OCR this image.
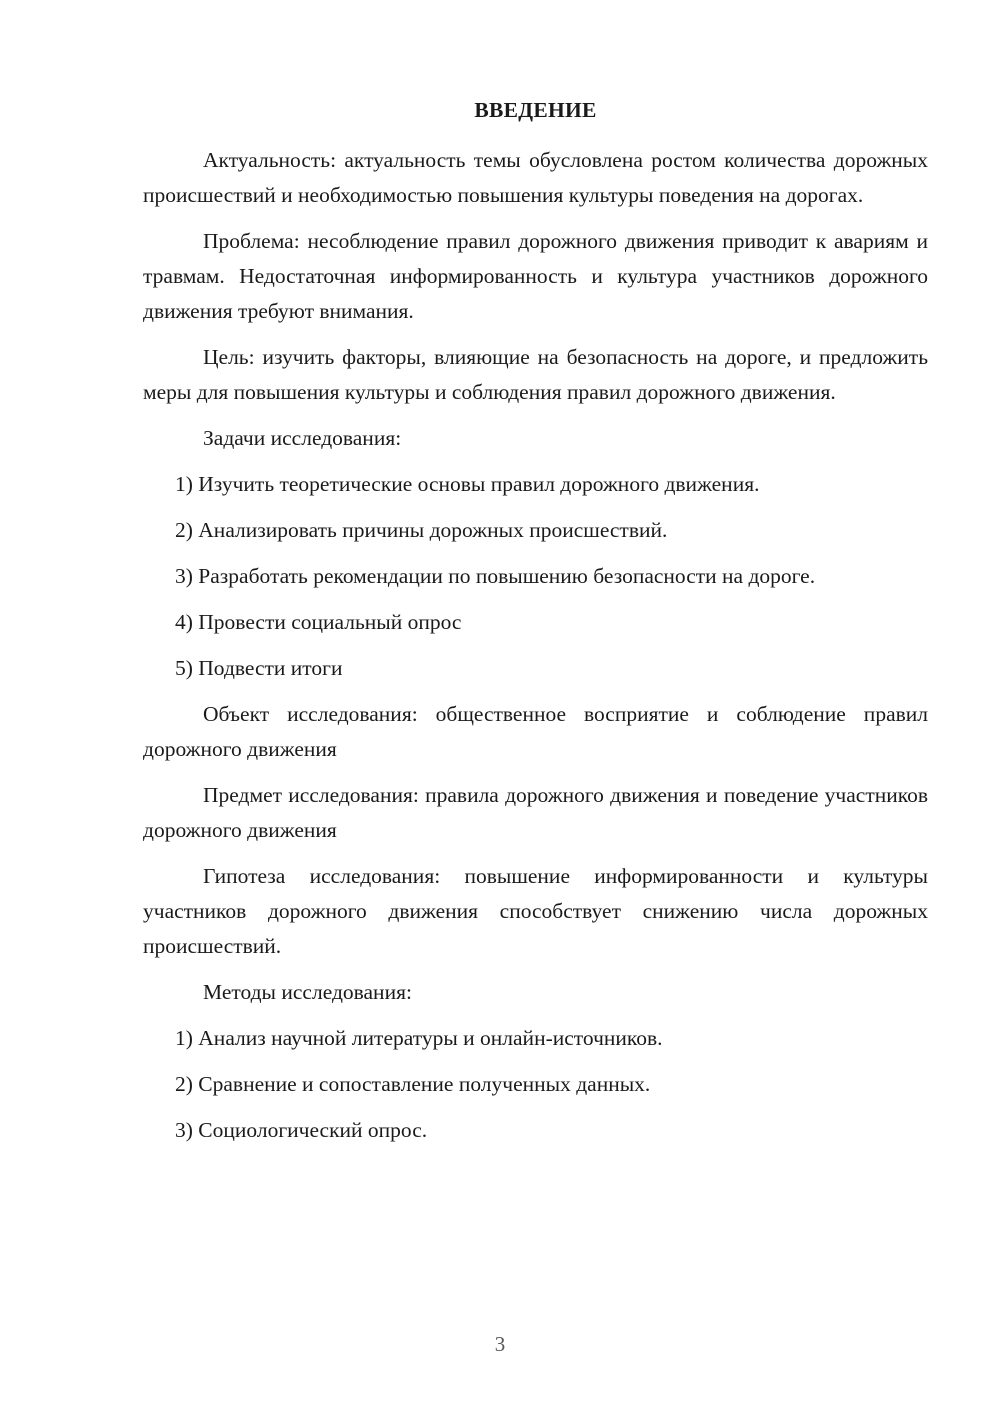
ВВЕДЕНИЕ

Актуальность: актуальность темы обусловлена ростом количества дорожных происшествий и необходимостью повышения культуры поведения на дорогах.

Проблема: несоблюдение правил дорожного движения приводит к авариям и травмам. Недостаточная информированность и культура участников дорожного движения требуют внимания.

Цель: изучить факторы, влияющие на безопасность на дороге, и предложить меры для повышения культуры и соблюдения правил дорожного движения.

Задачи исследования:

1) Изучить теоретические основы правил дорожного движения.

2) Анализировать причины дорожных происшествий.

3) Разработать рекомендации по повышению безопасности на дороге.

4) Провести социальный опрос

5) Подвести итоги

Объект исследования: общественное восприятие и соблюдение правил дорожного движения

Предмет исследования: правила дорожного движения и поведение участников дорожного движения

Гипотеза исследования: повышение информированности и культуры участников дорожного движения способствует снижению числа дорожных происшествий.

Методы исследования:

1) Анализ научной литературы и онлайн-источников.

2) Сравнение и сопоставление полученных данных.

3) Социологический опрос.

3
